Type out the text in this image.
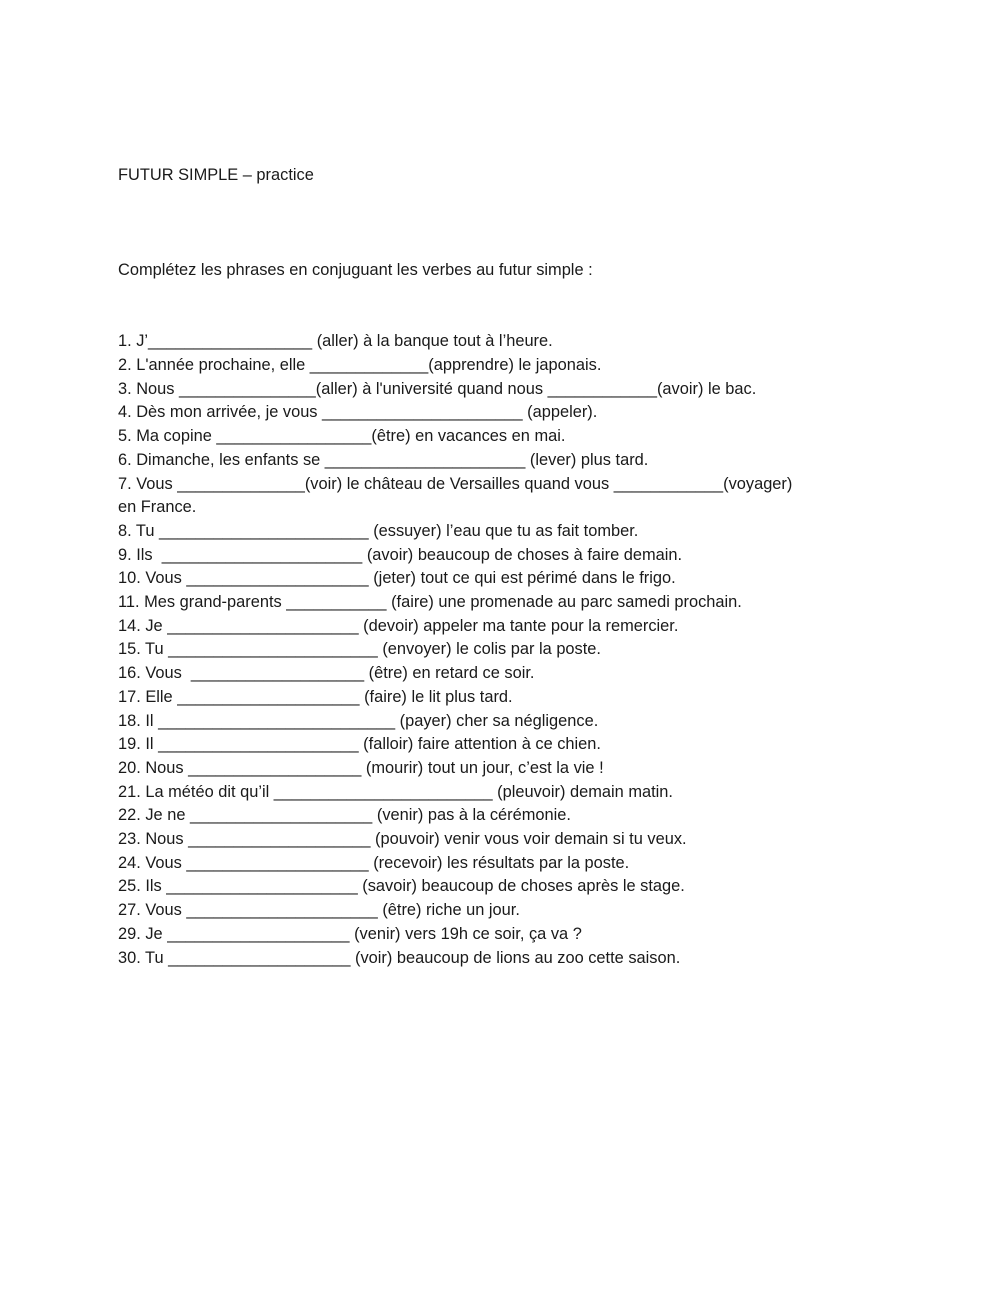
FUTUR SIMPLE – practice

Complétez les phrases en conjuguant les verbes au futur simple :

1. J’__________________ (aller) à la banque tout à l’heure.
2. L'année prochaine, elle _____________(apprendre) le japonais.
3. Nous _______________(aller) à l'université quand nous ____________(avoir) le bac.
4. Dès mon arrivée, je vous ______________________ (appeler).
5. Ma copine _________________(être) en vacances en mai.
6. Dimanche, les enfants se ______________________ (lever) plus tard.
7. Vous ______________(voir) le château de Versailles quand vous ____________(voyager)
en France.
8. Tu _______________________ (essuyer) l’eau que tu as fait tomber.
9. Ils  ______________________ (avoir) beaucoup de choses à faire demain.
10. Vous ____________________ (jeter) tout ce qui est périmé dans le frigo.
11. Mes grand-parents ___________ (faire) une promenade au parc samedi prochain.
14. Je _____________________ (devoir) appeler ma tante pour la remercier.
15. Tu _______________________ (envoyer) le colis par la poste.
16. Vous  ___________________ (être) en retard ce soir.
17. Elle ____________________ (faire) le lit plus tard.
18. Il __________________________ (payer) cher sa négligence.
19. Il ______________________ (falloir) faire attention à ce chien.
20. Nous ___________________ (mourir) tout un jour, c’est la vie !
21. La météo dit qu’il ________________________ (pleuvoir) demain matin.
22. Je ne ____________________ (venir) pas à la cérémonie.
23. Nous ____________________ (pouvoir) venir vous voir demain si tu veux.
24. Vous ____________________ (recevoir) les résultats par la poste.
25. Ils _____________________ (savoir) beaucoup de choses après le stage.
27. Vous _____________________ (être) riche un jour.
29. Je ____________________ (venir) vers 19h ce soir, ça va ?
30. Tu ____________________ (voir) beaucoup de lions au zoo cette saison.
